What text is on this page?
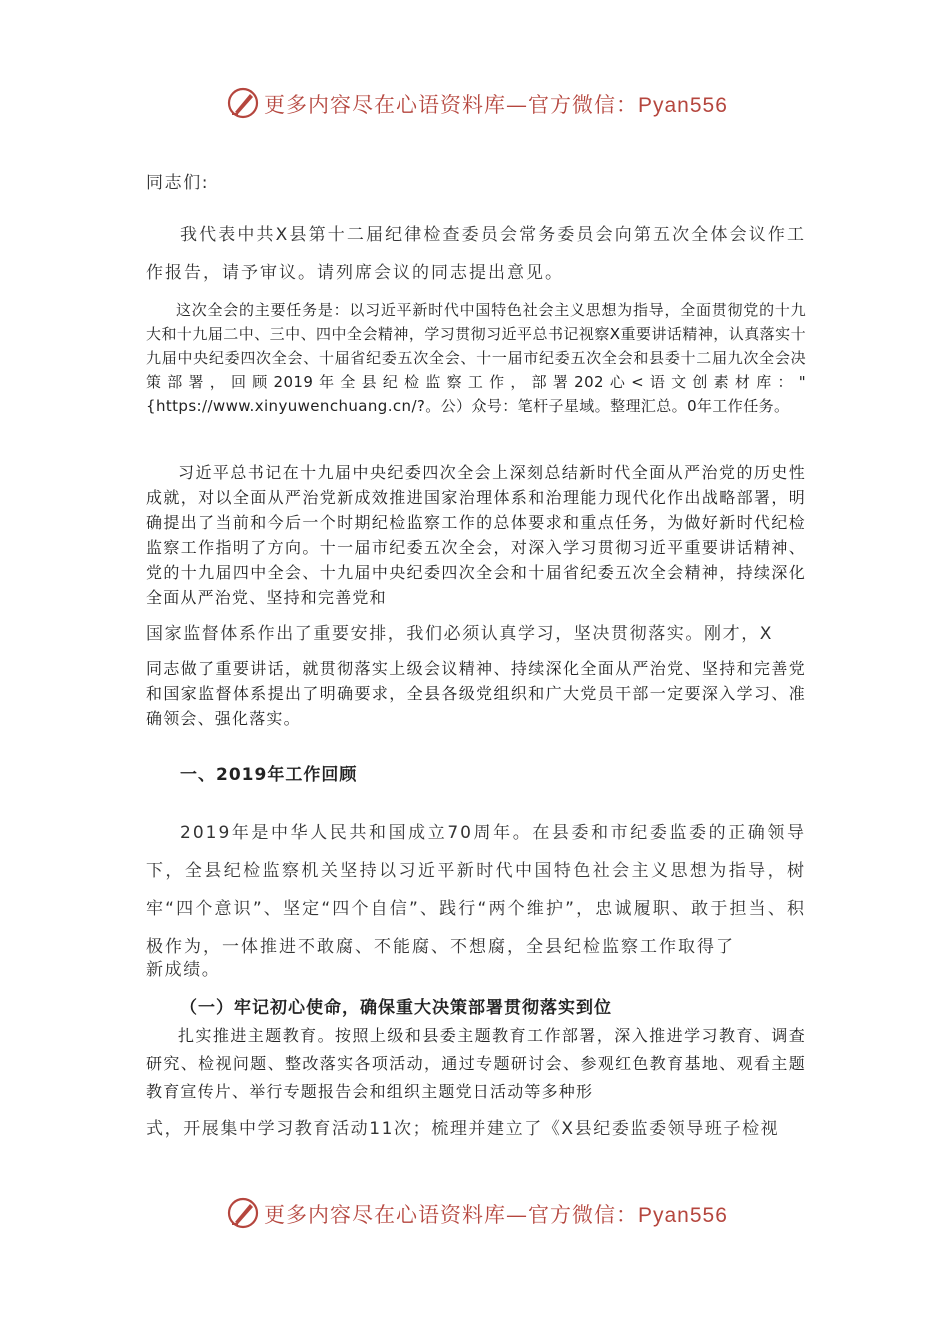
更多内容尽在心语资料库—官方微信：Pyan556

同志们:

我代表中共X县第十二届纪律检查委员会常务委员会向第五次全体会议作工作报告，请予审议。请列席会议的同志提出意见。

这次全会的主要任务是：以习近平新时代中国特色社会主义思想为指导，全面贯彻党的十九大和十九届二中、三中、四中全会精神，学习贯彻习近平总书记视察X重要讲话精神，认真落实十九届中央纪委四次全会、十届省纪委五次全会、十一届市纪委五次全会和县委十二届九次全会决策部署，回顾2019年全县纪检监察工作，部署202心<语文创素材库："{https://www.xinyuwenchuang.cn/?。公）众号：笔杆子星域。整理汇总。0年工作任务。

习近平总书记在十九届中央纪委四次全会上深刻总结新时代全面从严治党的历史性成就，对以全面从严治党新成效推进国家治理体系和治理能力现代化作出战略部署，明确提出了当前和今后一个时期纪检监察工作的总体要求和重点任务，为做好新时代纪检监察工作指明了方向。十一届市纪委五次全会，对深入学习贯彻习近平重要讲话精神、党的十九届四中全会、十九届中央纪委四次全会和十届省纪委五次全会精神，持续深化全面从严治党、坚持和完善党和

国家监督体系作出了重要安排，我们必须认真学习，坚决贯彻落实。刚才，X

同志做了重要讲话，就贯彻落实上级会议精神、持续深化全面从严治党、坚持和完善党和国家监督体系提出了明确要求，全县各级党组织和广大党员干部一定要深入学习、准确领会、强化落实。

一、2019年工作回顾

2019年是中华人民共和国成立70周年。在县委和市纪委监委的正确领导下，全县纪检监察机关坚持以习近平新时代中国特色社会主义思想为指导，树牢“四个意识”、坚定“四个自信”、践行“两个维护”，忠诚履职、敢于担当、积极作为，一体推进不敢腐、不能腐、不想腐，全县纪检监察工作取得了

新成绩。

（一）牢记初心使命，确保重大决策部署贯彻落实到位

扎实推进主题教育。按照上级和县委主题教育工作部署，深入推进学习教育、调查研究、检视问题、整改落实各项活动，通过专题研讨会、参观红色教育基地、观看主题教育宣传片、举行专题报告会和组织主题党日活动等多种形

式，开展集中学习教育活动11次；梳理并建立了《X县纪委监委领导班子检视

更多内容尽在心语资料库—官方微信：Pyan556
